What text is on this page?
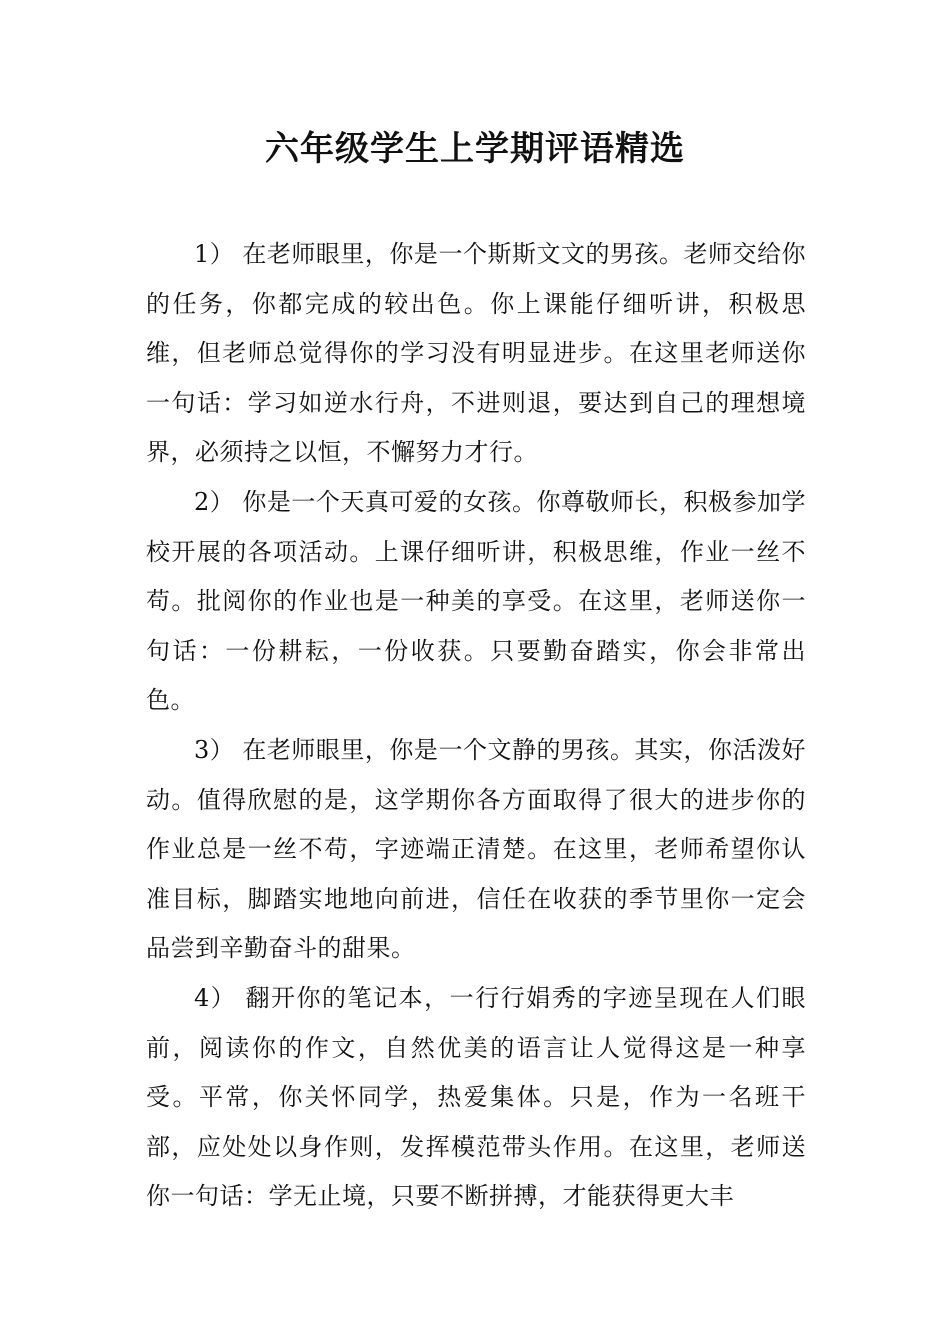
六年级学生上学期评语精选

1） 在老师眼里，你是一个斯斯文文的男孩。老师交给你的任务，你都完成的较出色。你上课能仔细听讲，积极思维，但老师总觉得你的学习没有明显进步。在这里老师送你一句话：学习如逆水行舟，不进则退，要达到自己的理想境界，必须持之以恒，不懈努力才行。

2） 你是一个天真可爱的女孩。你尊敬师长，积极参加学校开展的各项活动。上课仔细听讲，积极思维，作业一丝不苟。批阅你的作业也是一种美的享受。在这里，老师送你一句话：一份耕耘，一份收获。只要勤奋踏实，你会非常出色。

3） 在老师眼里，你是一个文静的男孩。其实，你活泼好动。值得欣慰的是，这学期你各方面取得了很大的进步你的作业总是一丝不苟，字迹端正清楚。在这里，老师希望你认准目标，脚踏实地地向前进，信任在收获的季节里你一定会品尝到辛勤奋斗的甜果。

4） 翻开你的笔记本，一行行娟秀的字迹呈现在人们眼前，阅读你的作文，自然优美的语言让人觉得这是一种享受。平常，你关怀同学，热爱集体。只是，作为一名班干部，应处处以身作则，发挥模范带头作用。在这里，老师送你一句话：学无止境，只要不断拼搏，才能获得更大丰
